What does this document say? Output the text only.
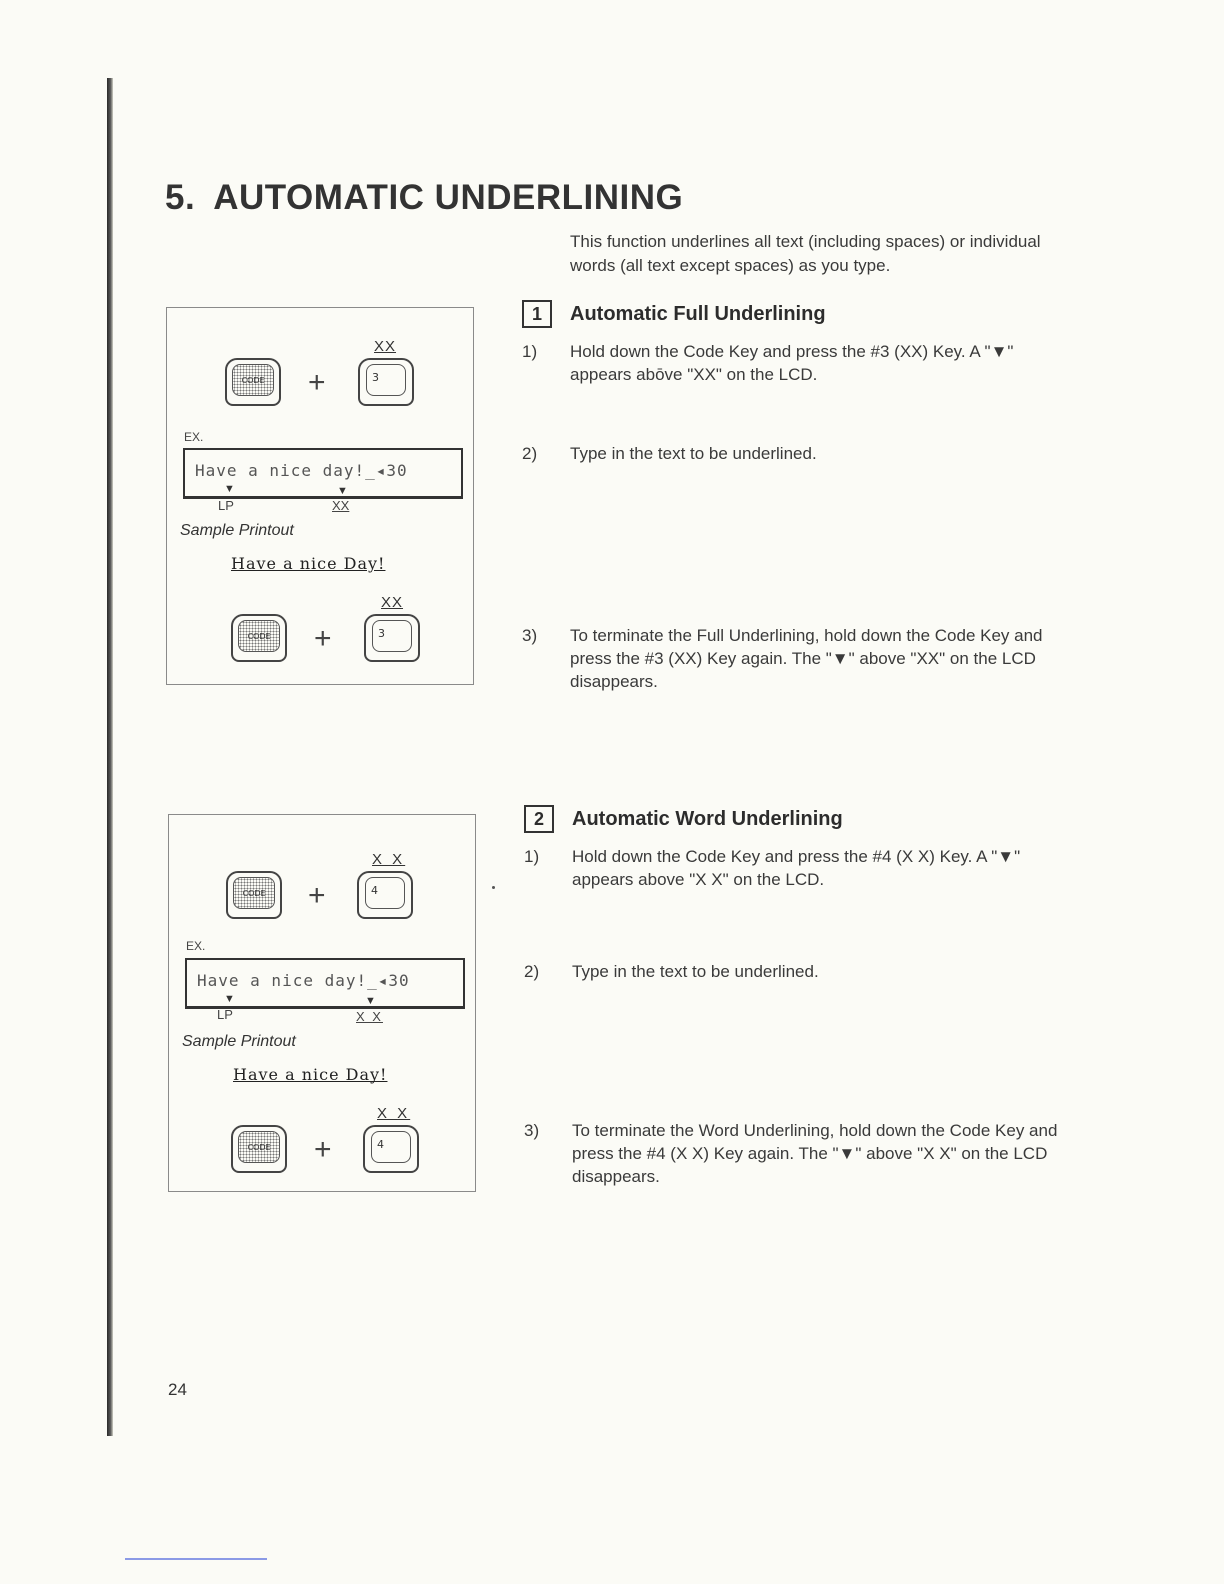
5. AUTOMATIC UNDERLINING
This function underlines all text (including spaces) or individual words (all text except spaces) as you type.
1	Automatic Full Underlining
1)	Hold down the Code Key and press the #3 (XX) Key. A "▼" appears abōve "XX" on the LCD.
2)	Type in the text to be underlined.
3)	To terminate the Full Underlining, hold down the Code Key and press the #3 (XX) Key again. The "▼" above "XX" on the LCD disappears.
XX
CODE	+	3
EX.
Have a nice day!_◂30
▼	▼
LP	XX
Sample Printout
Have a nice Day!
XX
CODE	+	3
2	Automatic Word Underlining
1)	Hold down the Code Key and press the #4 (X X) Key. A "▼" appears above "X X" on the LCD.
2)	Type in the text to be underlined.
3)	To terminate the Word Underlining, hold down the Code Key and press the #4 (X X) Key again. The "▼" above "X X" on the LCD disappears.
X X
CODE	+	4
EX.
Have a nice day!_◂30
▼	▼
LP	X X
Sample Printout
Have a nice Day!
X X
CODE	+	4
24
